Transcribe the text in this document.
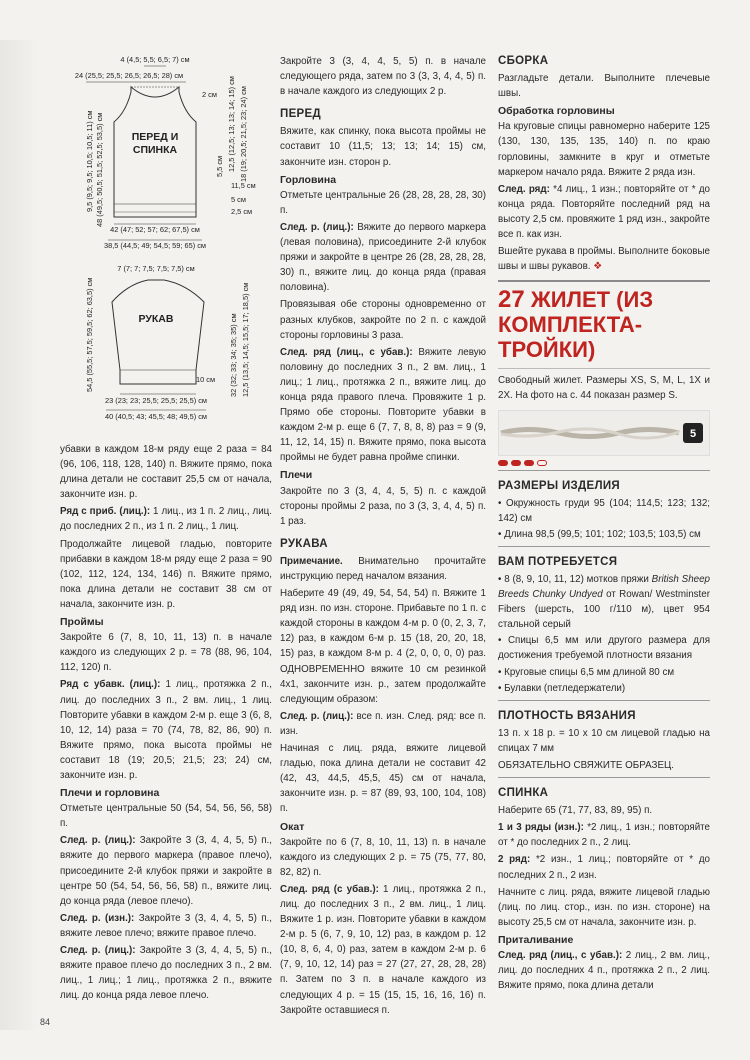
4 (4,5; 5,5; 6,5; 7) см
24 (25,5; 25,5; 26,5; 26,5; 28) см
2 см
ПЕРЕД И
СПИНКА
9,5 (9,5; 9,5; 10,5; 10,5; 11) см 48 (49,5; 50,5; 51,5; 52,5; 53,5) см	18 (19; 20,5; 21,5; 23; 24) см
12,5 (12,5; 13; 13; 14; 15) см
5,5 см
11,5 см
5 см
2,5 см
42 (47; 52; 57; 62; 67,5) см
38,5 (44,5; 49; 54,5; 59; 65) см
7 (7; 7; 7,5; 7,5; 7,5) см
РУКАВ
54,5 (55,5; 57,5; 59,5; 62; 63,5) см	32 (32; 33; 34; 35; 35) см 12,5 (13,5; 14,5; 15,5; 17; 18,5) см
10 см
23 (23; 23; 25,5; 25,5; 25,5) см
40 (40,5; 43; 45,5; 48; 49,5) см

убавки в каждом 18-м ряду еще 2 раза = 84 (96, 106, 118, 128, 140) п. Вяжите прямо, пока длина детали не составит 25,5 см от начала, закончите изн. р.

Ряд с приб. (лиц.): 1 лиц., из 1 п. 2 лиц., лиц. до последних 2 п., из 1 п. 2 лиц., 1 лиц.

Продолжайте лицевой гладью, повторите прибавки в каждом 18-м ряду еще 2 раза = 90 (102, 112, 124, 134, 146) п. Вяжите прямо, пока длина детали не составит 38 см от начала, закончите изн. р.

Проймы

Закройте 6 (7, 8, 10, 11, 13) п. в начале каждого из следующих 2 р. = 78 (88, 96, 104, 112, 120) п.

Ряд с убавк. (лиц.): 1 лиц., протяжка 2 п., лиц. до последних 3 п., 2 вм. лиц., 1 лиц. Повторите убавки в каждом 2-м р. еще 3 (6, 8, 10, 12, 14) раза = 70 (74, 78, 82, 86, 90) п. Вяжите прямо, пока высота проймы не составит 18 (19; 20,5; 21,5; 23; 24) см, закончите изн. р.

Плечи и горловина

Отметьте центральные 50 (54, 54, 56, 56, 58) п.

След. р. (лиц.): Закройте 3 (3, 4, 4, 5, 5) п., вяжите до первого маркера (правое плечо), присоедините 2-й клубок пряжи и закройте в центре 50 (54, 54, 56, 56, 58) п., вяжите лиц. до конца ряда (левое плечо).

След. р. (изн.): Закройте 3 (3, 4, 4, 5, 5) п., вяжите левое плечо; вяжите правое плечо.

След. р. (лиц.): Закройте 3 (3, 4, 4, 5, 5) п., вяжите правое плечо до последних 3 п., 2 вм. лиц., 1 лиц.; 1 лиц., протяжка 2 п., вяжите лиц. до конца ряда левое плечо.

Закройте 3 (3, 4, 4, 5, 5) п. в начале следующего ряда, затем по 3 (3, 3, 4, 4, 5) п. в начале каждого из следующих 2 р.

ПЕРЕД

Вяжите, как спинку, пока высота проймы не составит 10 (11,5; 13; 13; 14; 15) см, закончите изн. сторон р.

Горловина

Отметьте центральные 26 (28, 28, 28, 28, 30) п.

След. р. (лиц.): Вяжите до первого маркера (левая половина), присоедините 2-й клубок пряжи и закройте в центре 26 (28, 28, 28, 28, 30) п., вяжите лиц. до конца ряда (правая половина).

Провязывая обе стороны одновременно от разных клубков, закройте по 2 п. с каждой стороны горловины 3 раза.

След. ряд (лиц., с убав.): Вяжите левую половину до последних 3 п., 2 вм. лиц., 1 лиц.; 1 лиц., протяжка 2 п., вяжите лиц. до конца ряда правого плеча. Провяжите 1 р. Прямо обе стороны. Повторите убавки в каждом 2-м р. еще 6 (7, 7, 8, 8, 8) раз = 9 (9, 11, 12, 14, 15) п. Вяжите прямо, пока высота проймы не будет равна пройме спинки.

Плечи

Закройте по 3 (3, 4, 4, 5, 5) п. с каждой стороны проймы 2 раза, по 3 (3, 3, 4, 4, 5) п. 1 раз.

РУКАВА

Примечание. Внимательно прочитайте инструкцию перед началом вязания.

Наберите 49 (49, 49, 54, 54, 54) п. Вяжите 1 ряд изн. по изн. стороне. Прибавьте по 1 п. с каждой стороны в каждом 4-м р. 0 (0, 2, 3, 7, 12) раз, в каждом 6-м р. 15 (18, 20, 20, 18, 15) раз, в каждом 8-м р. 4 (2, 0, 0, 0, 0) раз. ОДНОВРЕМЕННО вяжите 10 см резинкой 4х1, закончите изн. р., затем продолжайте следующим образом:

След. р. (лиц.): все п. изн. След. ряд: все п. изн.

Начиная с лиц. ряда, вяжите лицевой гладью, пока длина детали не составит 42 (42, 43, 44,5, 45,5, 45) см от начала, закончите изн. р. = 87 (89, 93, 100, 104, 108) п.

Окат

Закройте по 6 (7, 8, 10, 11, 13) п. в начале каждого из следующих 2 р. = 75 (75, 77, 80, 82, 82) п.

След. ряд (с убав.): 1 лиц., протяжка 2 п., лиц. до последних 3 п., 2 вм. лиц., 1 лиц. Вяжите 1 р. изн. Повторите убавки в каждом 2-м р. 5 (6, 7, 9, 10, 12) раз, в каждом р. 12 (10, 8, 6, 4, 0) раз, затем в каждом 2-м р. 6 (7, 9, 10, 12, 14) раз = 27 (27, 27, 28, 28, 28) п. Затем по 3 п. в начале каждого из следующих 4 р. = 15 (15, 15, 16, 16, 16) п. Закройте оставшиеся п.

СБОРКА

Разгладьте детали. Выполните плечевые швы.

Обработка горловины

На круговые спицы равномерно наберите 125 (130, 130, 135, 135, 140) п. по краю горловины, замкните в круг и отметьте маркером начало ряда. Вяжите 2 ряда изн.

След. ряд: *4 лиц., 1 изн.; повторяйте от * до конца ряда. Повторяйте последний ряд на высоту 2,5 см. провяжите 1 ряд изн., закройте все п. как изн.

Вшейте рукава в проймы. Выполните боковые швы и швы рукавов. ❖

27 ЖИЛЕТ (ИЗ КОМПЛЕКТА-ТРОЙКИ)

Свободный жилет. Размеры XS, S, M, L, 1X и 2X. На фото на с. 44 показан размер S.

5
РАЗМЕРЫ ИЗДЕЛИЯ
• Окружность груди 95 (104; 114,5; 123; 132; 142) см
• Длина 98,5 (99,5; 101; 102; 103,5; 103,5) см
ВАМ ПОТРЕБУЕТСЯ
• 8 (8, 9, 10, 11, 12) мотков пряжи British Sheep Breeds Chunky Undyed от Rowan/ Westminster Fibers (шерсть, 100 г/110 м), цвет 954 стальной серый
• Спицы 6,5 мм или другого размера для достижения требуемой плотности вязания
• Круговые спицы 6,5 мм длиной 80 см
• Булавки (петледержатели)
ПЛОТНОСТЬ ВЯЗАНИЯ

13 п. х 18 р. = 10 х 10 см лицевой гладью на спицах 7 мм

ОБЯЗАТЕЛЬНО СВЯЖИТЕ ОБРАЗЕЦ.

СПИНКА

Наберите 65 (71, 77, 83, 89, 95) п.

1 и 3 ряды (изн.): *2 лиц., 1 изн.; повторяйте от * до последних 2 п., 2 лиц.

2 ряд: *2 изн., 1 лиц.; повторяйте от * до последних 2 п., 2 изн.

Начните с лиц. ряда, вяжите лицевой гладью (лиц. по лиц. стор., изн. по изн. стороне) на высоту 25,5 см от начала, закончите изн. р.

Приталивание

След. ряд (лиц., с убав.): 2 лиц., 2 вм. лиц., лиц. до последних 4 п., протяжка 2 п., 2 лиц. Вяжите прямо, пока длина детали

84
